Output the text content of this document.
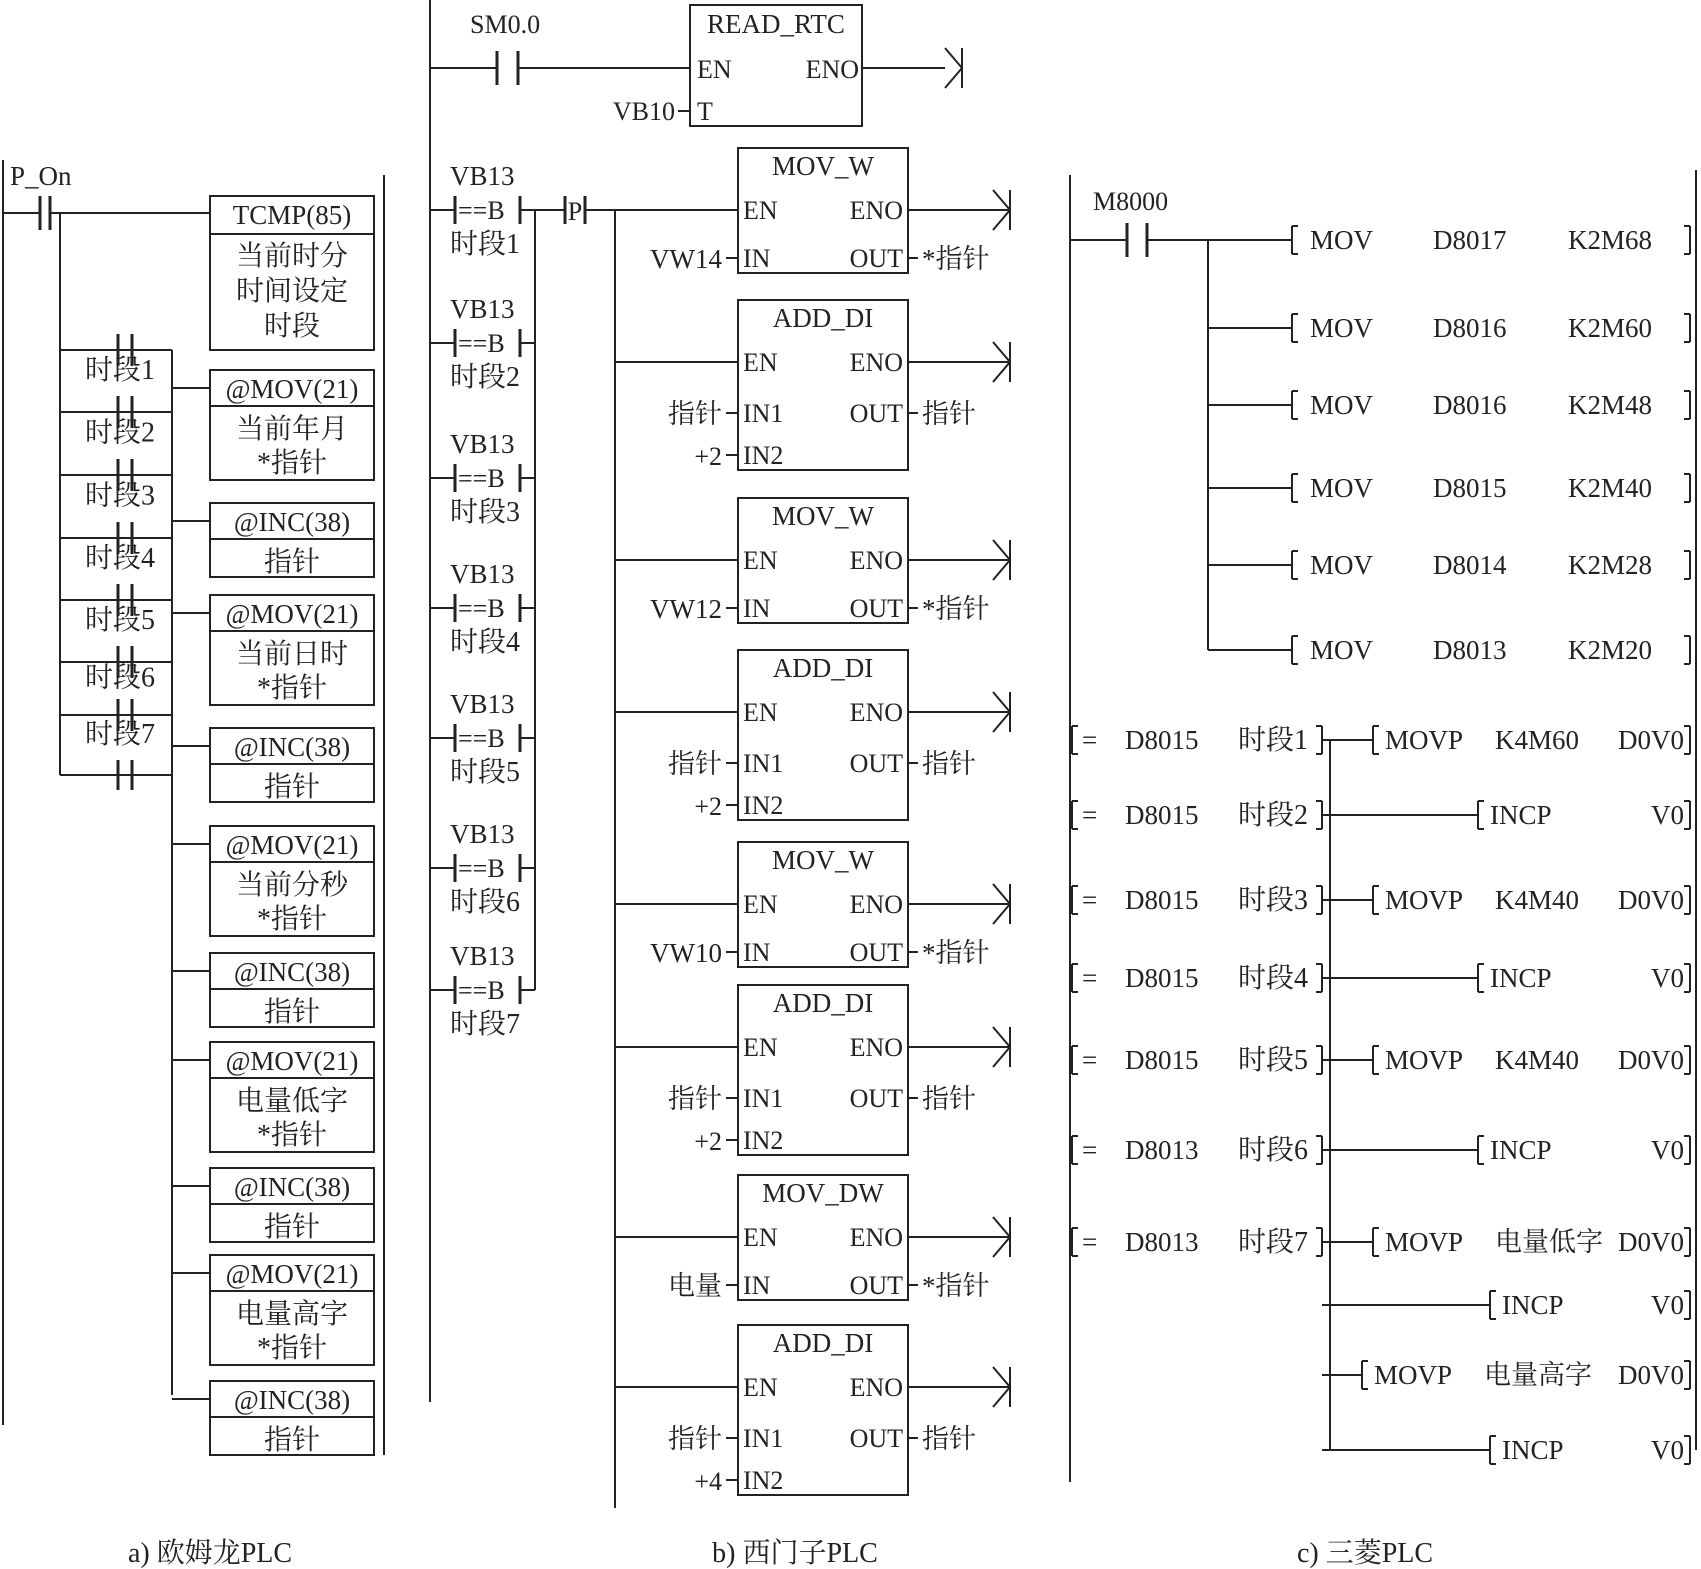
P_On
TCMP(85)
当前时分
时间设定
时段
时段1
时段2
时段3
时段4
时段5
时段6
时段7
@MOV(21)
当前年月
*指针
@INC(38)
指针
@MOV(21)
当前日时
*指针
@INC(38)
指针
@MOV(21)
当前分秒
*指针
@INC(38)
指针
@MOV(21)
电量低字
*指针
@INC(38)
指针
@MOV(21)
电量高字
*指针
@INC(38)
指针
SM0.0	READ_RTC
EN	ENO
T
VB10
VB13
==B
时段1
VB13
==B
时段2
VB13
==B
时段3
VB13
==B
时段4
VB13
==B
时段5
VB13
==B
时段6
VB13
==B
时段7
P
MOV_W
EN	ENO
IN	OUT
VW14	*指针
ADD_DI
EN	ENO
IN1	OUT
指针	指针
IN2
+2
MOV_W
EN	ENO
IN	OUT
VW12	*指针
ADD_DI
EN	ENO
IN1	OUT
指针	指针
IN2
+2
MOV_W
EN	ENO
IN	OUT
VW10	*指针
ADD_DI
EN	ENO
IN1	OUT
指针	指针
IN2
+2
MOV_DW
EN	ENO
IN	OUT
电量	*指针
ADD_DI
EN	ENO
IN1	OUT
指针	指针
IN2
+4
M8000
MOV D8017 K2M68
MOV D8016 K2M60
MOV D8016 K2M48
MOV D8015 K2M40
MOV D8014 K2M28
MOV D8013 K2M20
= D8015 时段1
= D8015 时段2
= D8015 时段3
= D8015 时段4
= D8015 时段5
= D8013 时段6
= D8013 时段7
MOVP K4M60 D0V0
INCP	V0
MOVP K4M40 D0V0
INCP	V0
MOVP K4M40 D0V0
INCP	V0
MOVP 电量低字 D0V0
INCP	V0
MOVP 电量高字 D0V0
INCP	V0
a) 欧姆龙PLC	b) 西门子PLC	c) 三菱PLC
